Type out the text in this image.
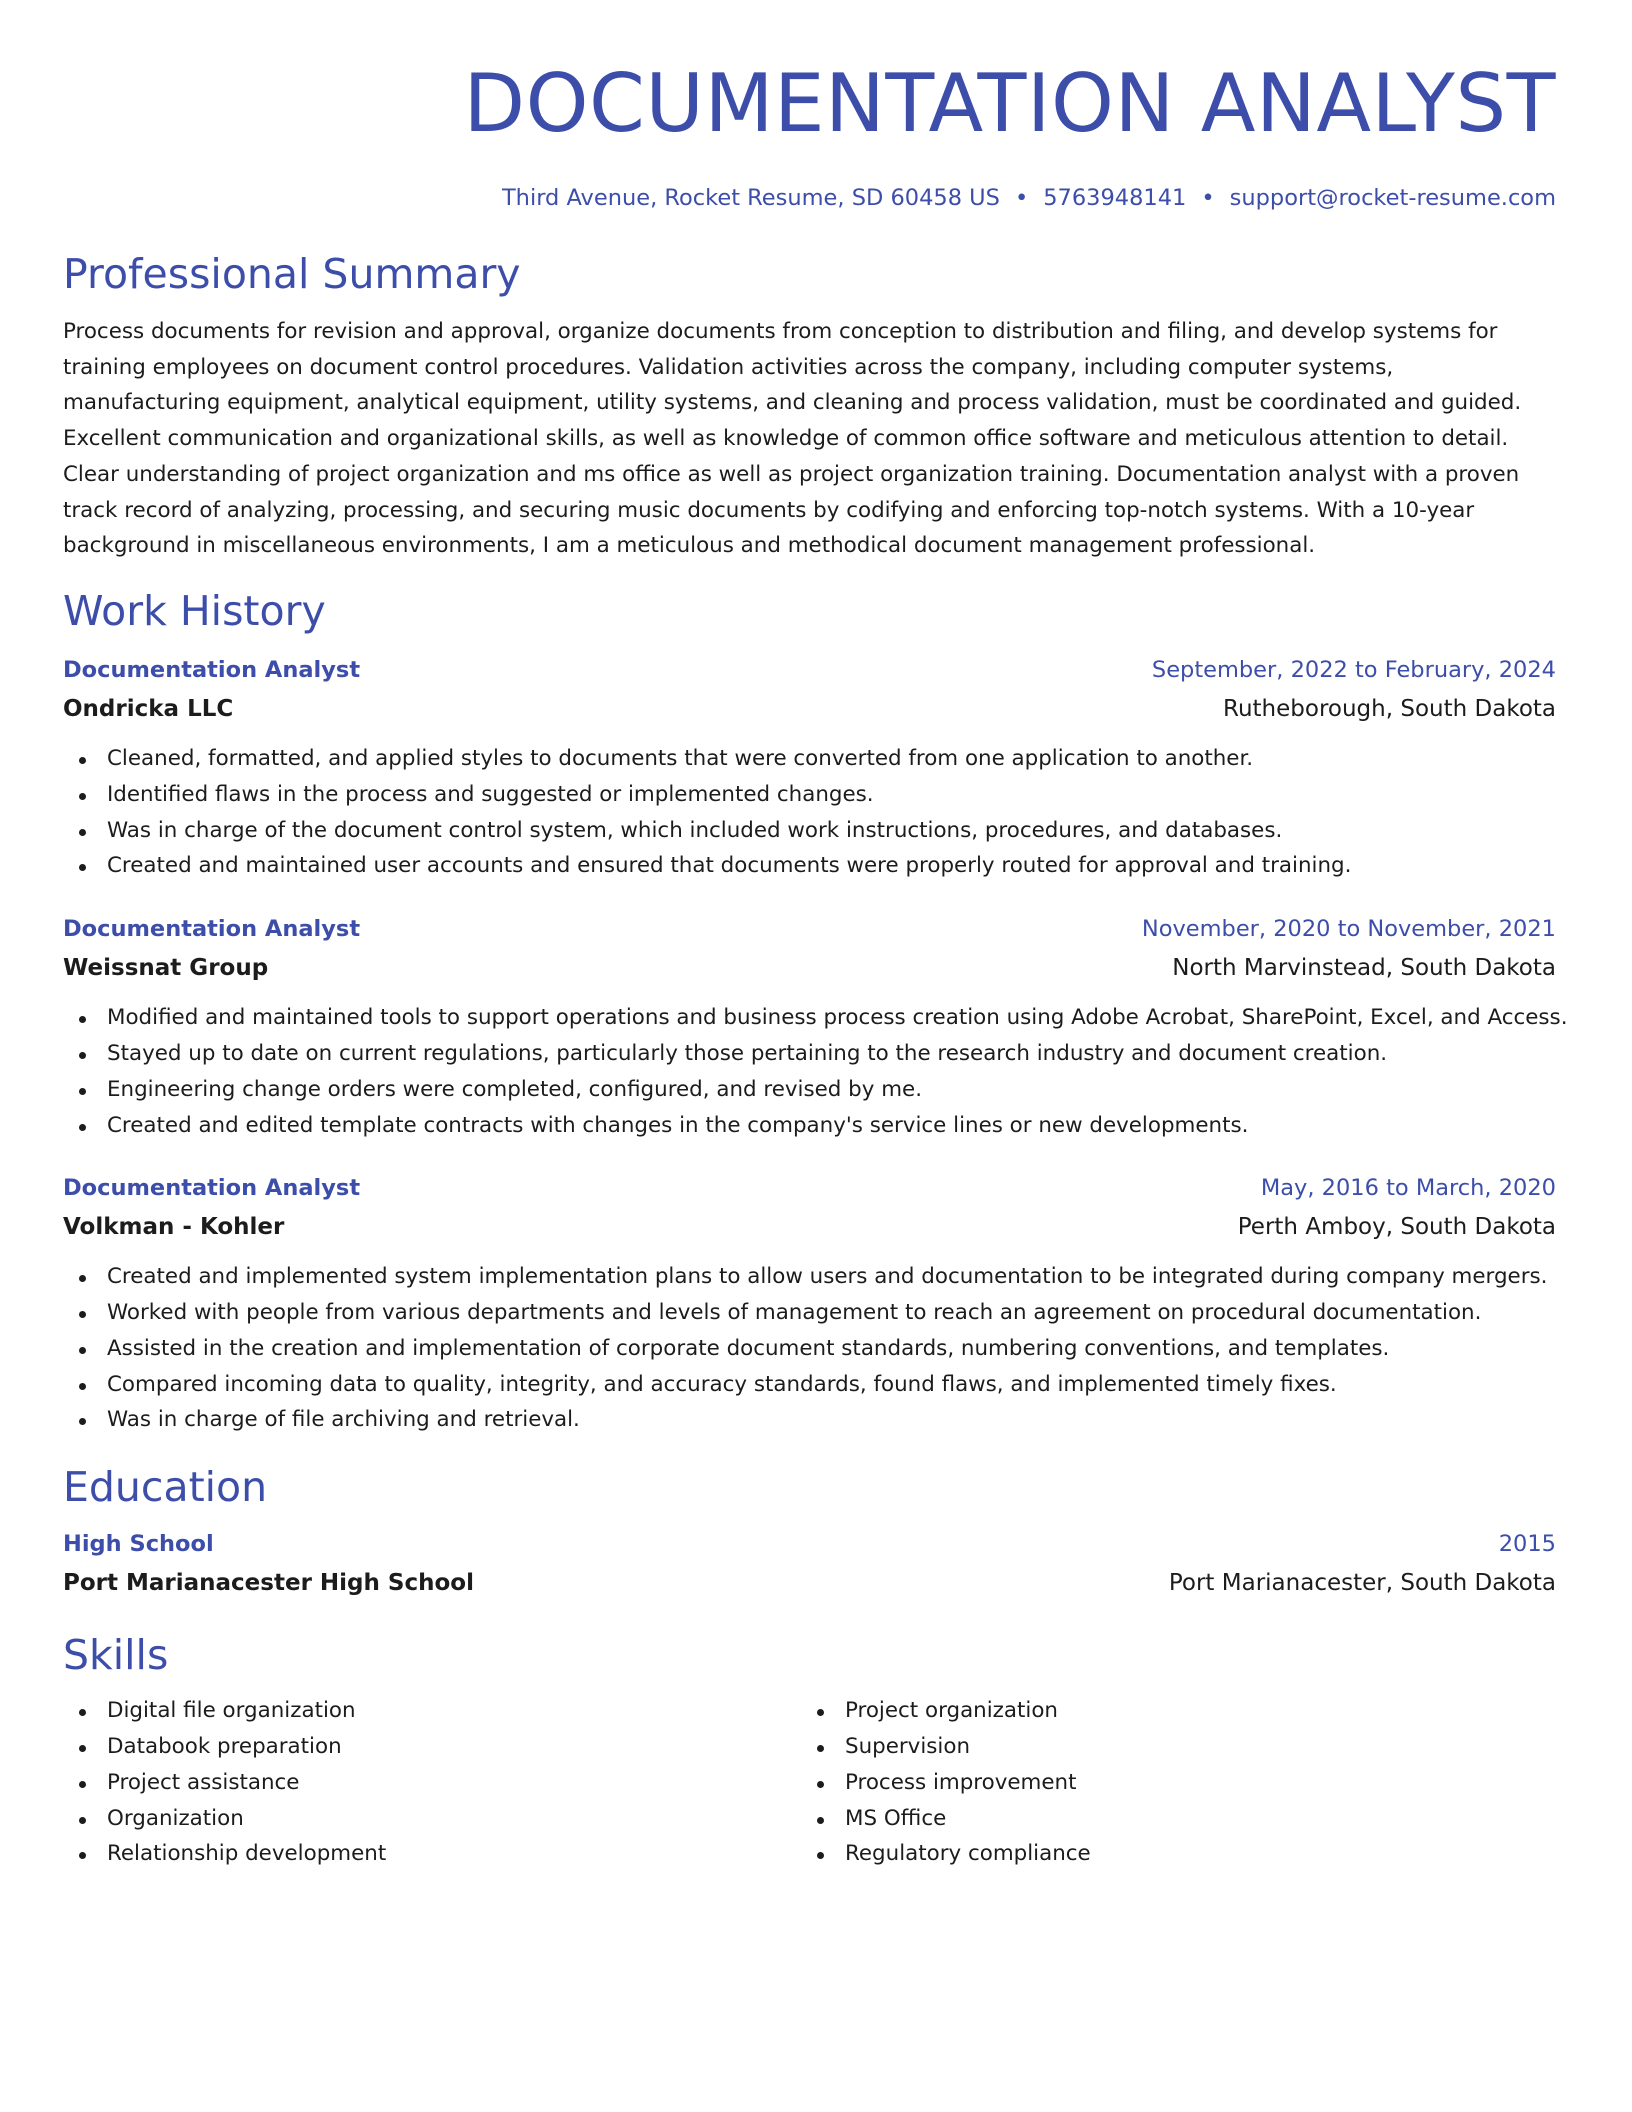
DOCUMENTATION ANALYST
Third Avenue, Rocket Resume, SD 60458 US • 5763948141 • support@rocket-resume.com
Professional Summary
Process documents for revision and approval, organize documents from conception to distribution and filing, and develop systems for training employees on document control procedures. Validation activities across the company, including computer systems, manufacturing equipment, analytical equipment, utility systems, and cleaning and process validation, must be coordinated and guided. Excellent communication and organizational skills, as well as knowledge of common office software and meticulous attention to detail. Clear understanding of project organization and ms office as well as project organization training. Documentation analyst with a proven track record of analyzing, processing, and securing music documents by codifying and enforcing top-notch systems. With a 10-year background in miscellaneous environments, I am a meticulous and methodical document management professional.
Work History
Documentation Analyst	September, 2022 to February, 2024
Ondricka LLC	Rutheborough, South Dakota
Cleaned, formatted, and applied styles to documents that were converted from one application to another.
Identified flaws in the process and suggested or implemented changes.
Was in charge of the document control system, which included work instructions, procedures, and databases.
Created and maintained user accounts and ensured that documents were properly routed for approval and training.
Documentation Analyst	November, 2020 to November, 2021
Weissnat Group	North Marvinstead, South Dakota
Modified and maintained tools to support operations and business process creation using Adobe Acrobat, SharePoint, Excel, and Access.
Stayed up to date on current regulations, particularly those pertaining to the research industry and document creation.
Engineering change orders were completed, configured, and revised by me.
Created and edited template contracts with changes in the company's service lines or new developments.
Documentation Analyst	May, 2016 to March, 2020
Volkman - Kohler	Perth Amboy, South Dakota
Created and implemented system implementation plans to allow users and documentation to be integrated during company mergers.
Worked with people from various departments and levels of management to reach an agreement on procedural documentation.
Assisted in the creation and implementation of corporate document standards, numbering conventions, and templates.
Compared incoming data to quality, integrity, and accuracy standards, found flaws, and implemented timely fixes.
Was in charge of file archiving and retrieval.
Education
High School	2015
Port Marianacester High School	Port Marianacester, South Dakota
Skills
Digital file organization
Databook preparation
Project assistance
Organization
Relationship development
Project organization
Supervision
Process improvement
MS Office
Regulatory compliance
